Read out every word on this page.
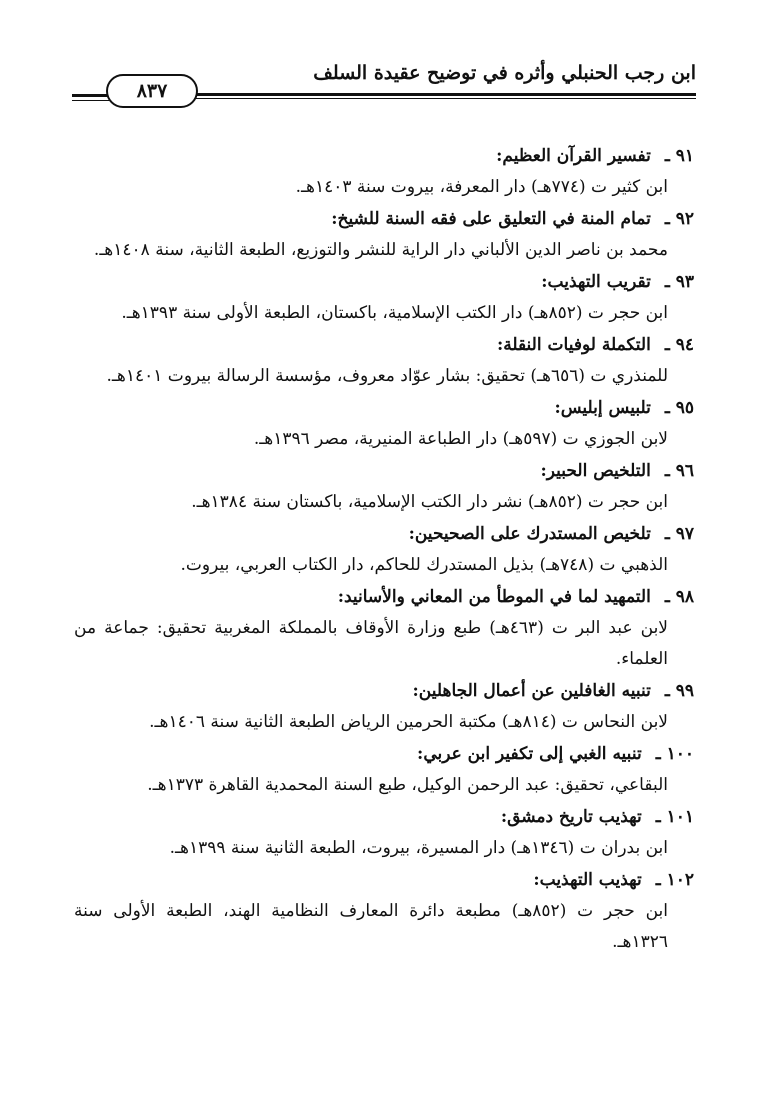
ابن رجب الحنبلي وأثره في توضيح عقيدة السلف
٨٣٧
٩١ ـتفسير القرآن العظيم:
ابن كثير ت (٧٧٤هـ) دار المعرفة، بيروت سنة ١٤٠٣هـ.
٩٢ ـتمام المنة في التعليق على فقه السنة للشيخ:
محمد بن ناصر الدين الألباني دار الراية للنشر والتوزيع، الطبعة الثانية، سنة ١٤٠٨هـ.
٩٣ ـتقريب التهذيب:
ابن حجر ت (٨٥٢هـ) دار الكتب الإسلامية، باكستان، الطبعة الأولى سنة ١٣٩٣هـ.
٩٤ ـالتكملة لوفيات النقلة:
للمنذري ت (٦٥٦هـ) تحقيق: بشار عوّاد معروف، مؤسسة الرسالة بيروت ١٤٠١هـ.
٩٥ ـتلبيس إبليس:
لابن الجوزي ت (٥٩٧هـ) دار الطباعة المنيرية، مصر ١٣٩٦هـ.
٩٦ ـالتلخيص الحبير:
ابن حجر ت (٨٥٢هـ) نشر دار الكتب الإسلامية، باكستان سنة ١٣٨٤هـ.
٩٧ ـتلخيص المستدرك على الصحيحين:
الذهبي ت (٧٤٨هـ) بذيل المستدرك للحاكم، دار الكتاب العربي، بيروت.
٩٨ ـالتمهيد لما في الموطأ من المعاني والأسانيد:
لابن عبد البر ت (٤٦٣هـ) طبع وزارة الأوقاف بالمملكة المغربية تحقيق: جماعة من العلماء.
٩٩ ـتنبيه الغافلين عن أعمال الجاهلين:
لابن النحاس ت (٨١٤هـ) مكتبة الحرمين الرياض الطبعة الثانية سنة ١٤٠٦هـ.
١٠٠ ـتنبيه الغبي إلى تكفير ابن عربي:
البقاعي، تحقيق: عبد الرحمن الوكيل، طبع السنة المحمدية القاهرة ١٣٧٣هـ.
١٠١ ـتهذيب تاريخ دمشق:
ابن بدران ت (١٣٤٦هـ) دار المسيرة، بيروت، الطبعة الثانية سنة ١٣٩٩هـ.
١٠٢ ـتهذيب التهذيب:
ابن حجر ت (٨٥٢هـ) مطبعة دائرة المعارف النظامية الهند، الطبعة الأولى سنة ١٣٢٦هـ.
